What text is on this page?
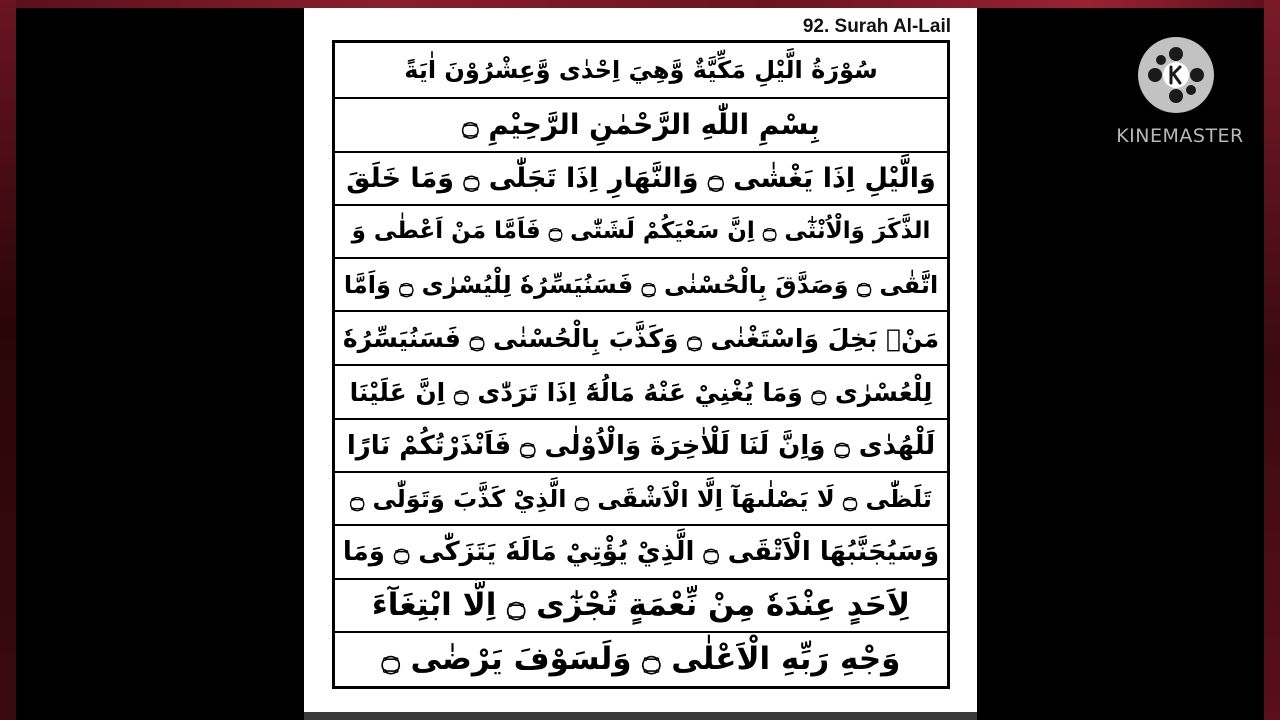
92. Surah Al-Lail
سُوْرَةُ الَّيْلِ مَكِّيَّةٌ وَّهِيَ اِحْدٰى وَّعِشْرُوْنَ اٰيَةً
بِسْمِ اللّٰهِ الرَّحْمٰنِ الرَّحِيْمِ ۝
وَالَّيْلِ اِذَا يَغْشٰى ۝ وَالنَّهَارِ اِذَا تَجَلّٰى ۝ وَمَا خَلَقَ
الذَّكَرَ وَالْاُنْثٰٓى ۝ اِنَّ سَعْيَكُمْ لَشَتّٰى ۝ فَاَمَّا مَنْ اَعْطٰى وَ
اتَّقٰى ۝ وَصَدَّقَ بِالْحُسْنٰى ۝ فَسَنُيَسِّرُهٗ لِلْيُسْرٰى ۝ وَاَمَّا
مَنْۢ بَخِلَ وَاسْتَغْنٰى ۝ وَكَذَّبَ بِالْحُسْنٰى ۝ فَسَنُيَسِّرُهٗ
لِلْعُسْرٰى ۝ وَمَا يُغْنِيْ عَنْهُ مَالُهٗٓ اِذَا تَرَدّٰى ۝ اِنَّ عَلَيْنَا
لَلْهُدٰى ۝ وَاِنَّ لَنَا لَلْاٰخِرَةَ وَالْاُوْلٰى ۝ فَاَنْذَرْتُكُمْ نَارًا
تَلَظّٰى ۝ لَا يَصْلٰىهَآ اِلَّا الْاَشْقَى ۝ الَّذِيْ كَذَّبَ وَتَوَلّٰى ۝
وَسَيُجَنَّبُهَا الْاَتْقَى ۝ الَّذِيْ يُؤْتِيْ مَالَهٗ يَتَزَكّٰى ۝ وَمَا
لِاَحَدٍ عِنْدَهٗ مِنْ نِّعْمَةٍ تُجْزٰٓى ۝ اِلَّا ابْتِغَآءَ
وَجْهِ رَبِّهِ الْاَعْلٰى ۝ وَلَسَوْفَ يَرْضٰى ۝
KINEMASTER
